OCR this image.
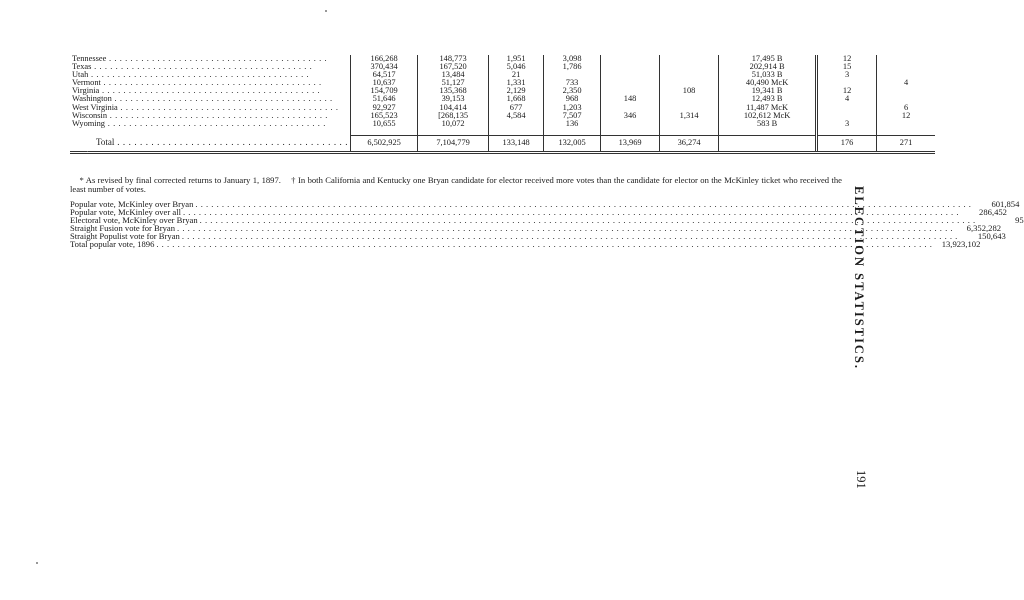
Tennessee . . . . . . . . . . . . . . . . . . . . . . . . . . . . . . . . . . . . . . . . .	166,268	148,773	1,951	3,098			17,495 B	12	
Texas . . . . . . . . . . . . . . . . . . . . . . . . . . . . . . . . . . . . . . . . .	370,434	167,520	5,046	1,786			202,914 B	15	
Utah . . . . . . . . . . . . . . . . . . . . . . . . . . . . . . . . . . . . . . . . .	64,517	13,484	21				51,033 B	3	
Vermont . . . . . . . . . . . . . . . . . . . . . . . . . . . . . . . . . . . . . . . . .	10,637	51,127	1,331	733			40,490 McK		4
Virginia . . . . . . . . . . . . . . . . . . . . . . . . . . . . . . . . . . . . . . . . .	154,709	135,368	2,129	2,350		108	19,341 B	12	
Washington . . . . . . . . . . . . . . . . . . . . . . . . . . . . . . . . . . . . . . . . .	51,646	39,153	1,668	968	148		12,493 B	4	
West Virginia . . . . . . . . . . . . . . . . . . . . . . . . . . . . . . . . . . . . . . . . .	92,927	104,414	677	1,203			11,487 McK		6
Wisconsin . . . . . . . . . . . . . . . . . . . . . . . . . . . . . . . . . . . . . . . . .	165,523	[268,135	4,584	7,507	346	1,314	102,612 McK		12
Wyoming . . . . . . . . . . . . . . . . . . . . . . . . . . . . . . . . . . . . . . . . .	10,655	10,072		136			583 B	3	

Total . . . . . . . . . . . . . . . . . . . . . . . . . . . . . . . . . . . . . . . . .	6,502,925	7,104,779	133,148	132,005	13,969	36,274		176	271

* As revised by final corrected returns to January 1, 1897. † In both California and Kentucky one Bryan candidate for elector received more votes than the candidate for elector on the McKinley ticket who received the least number of votes.
Popular vote, McKinley over Bryan . . . . . . . . . . . . . . . . . . . . . . . . . . . . . . . . . . . . . . . . . . . . . . . . . . . . . . . . . . . . . . . . . . . . . . . . . . . . . . . . . . . . . . . . . . . . . . . . . . . . . . . . . . . . . . . . . . . . . . . . . . . . . . . . . . . . . . . . . . . . . . . . . . .	601,854
Popular vote, McKinley over all . . . . . . . . . . . . . . . . . . . . . . . . . . . . . . . . . . . . . . . . . . . . . . . . . . . . . . . . . . . . . . . . . . . . . . . . . . . . . . . . . . . . . . . . . . . . . . . . . . . . . . . . . . . . . . . . . . . . . . . . . . . . . . . . . . . . . . . . . . . . . . . . . . .	286,452
Electoral vote, McKinley over Bryan . . . . . . . . . . . . . . . . . . . . . . . . . . . . . . . . . . . . . . . . . . . . . . . . . . . . . . . . . . . . . . . . . . . . . . . . . . . . . . . . . . . . . . . . . . . . . . . . . . . . . . . . . . . . . . . . . . . . . . . . . . . . . . . . . . . . . . . . . . . . . . . . . . .	95
Straight Fusion vote for Bryan . . . . . . . . . . . . . . . . . . . . . . . . . . . . . . . . . . . . . . . . . . . . . . . . . . . . . . . . . . . . . . . . . . . . . . . . . . . . . . . . . . . . . . . . . . . . . . . . . . . . . . . . . . . . . . . . . . . . . . . . . . . . . . . . . . . . . . . . . . . . . . . . . . .	6,352,282
Straight Populist vote for Bryan . . . . . . . . . . . . . . . . . . . . . . . . . . . . . . . . . . . . . . . . . . . . . . . . . . . . . . . . . . . . . . . . . . . . . . . . . . . . . . . . . . . . . . . . . . . . . . . . . . . . . . . . . . . . . . . . . . . . . . . . . . . . . . . . . . . . . . . . . . . . . . . . . . .	150,643
Total popular vote, 1896 . . . . . . . . . . . . . . . . . . . . . . . . . . . . . . . . . . . . . . . . . . . . . . . . . . . . . . . . . . . . . . . . . . . . . . . . . . . . . . . . . . . . . . . . . . . . . . . . . . . . . . . . . . . . . . . . . . . . . . . . . . . . . . . . . . . . . . . . . . . . . . . . . . .	13,923,102
ELECTION STATISTICS.
191
